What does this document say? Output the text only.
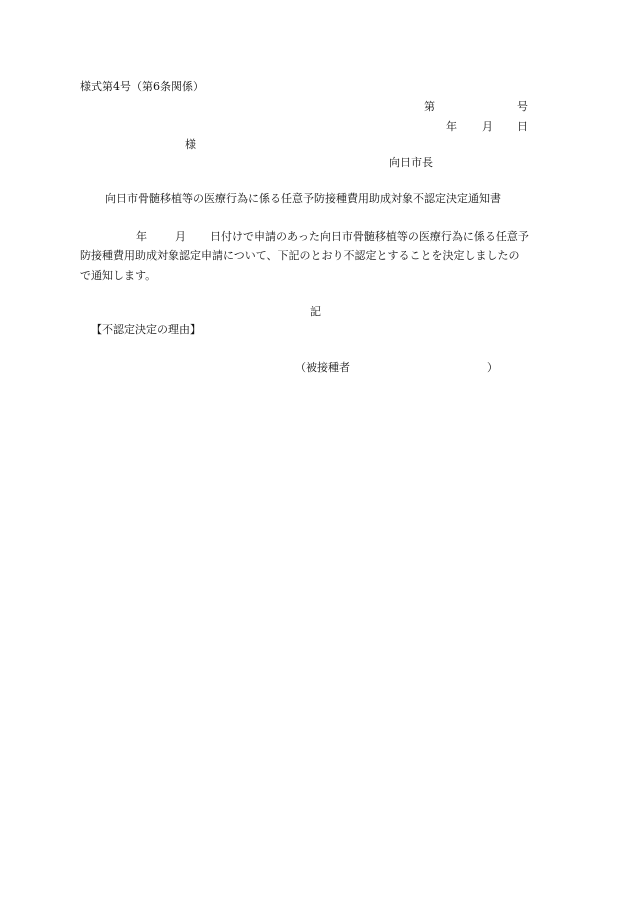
様式第4号（第6条関係）
第	号
年 月 日
様
向日市長
向日市骨髄移植等の医療行為に係る任意予防接種費用助成対象不認定決定通知書
年	月 日付けで申請のあった向日市骨髄移植等の医療行為に係る任意予
防接種費用助成対象認定申請について、下記のとおり不認定とすることを決定しましたの
で通知します。
記
【不認定決定の理由】
（被接種者	）
